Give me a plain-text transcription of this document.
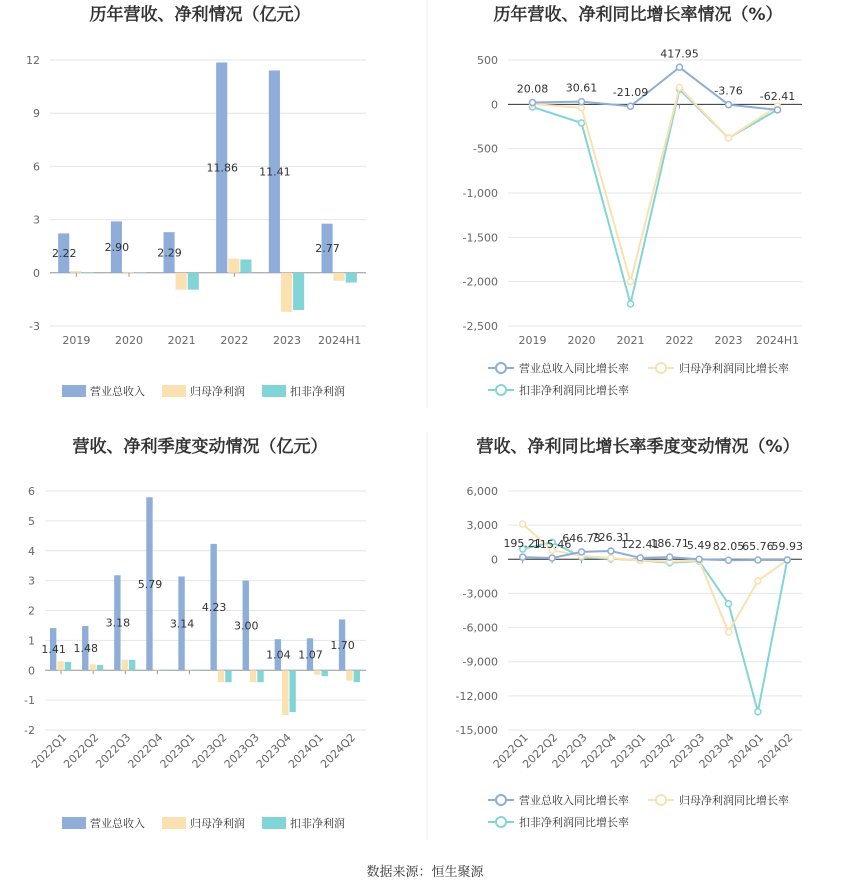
历年营收、净利情况（亿元）	历年营收、净利同比增长率情况（%）
营收、净利季度变动情况（亿元）	营收、净利同比增长率季度变动情况（%）
-3
0
3
6
9
12
2019 2020 2021 2022 2023 2024H1
2.22	2.90	2.29
11.86 11.41
2.77
-2,500
-2,000
-1,500
-1,000
-500
0
500
2019 2020 2021 2022 2023 2024H1
20.08 30.61 -21.09
417.95
-3.76 -62.41
-2
-1
0
1
2
3
4
5
6
2022Q1
2022Q2
2022Q3
2022Q4
2023Q1
2023Q2
2023Q3
2023Q4
2024Q1
2024Q2
1.41 1.48
3.18
5.79
3.14
4.23
3.00
1.04 1.07
1.70
-15,000
-12,000
-9,000
-6,000
-3,000
0
3,000
6,000
2022Q1
2022Q2
2022Q3
2022Q4
2023Q1
2023Q2
2023Q3
2023Q4
2024Q1
2024Q2
195.21
115.46
646.73
726.31
122.41
186.71
5.49 82.05
65.76
59.93
营业总收入	归母净利润	扣非净利润
营业总收入	归母净利润	扣非净利润
营业总收入同比增长率	归母净利润同比增长率
扣非净利润同比增长率
营业总收入同比增长率	归母净利润同比增长率
扣非净利润同比增长率
数据来源：恒生聚源
